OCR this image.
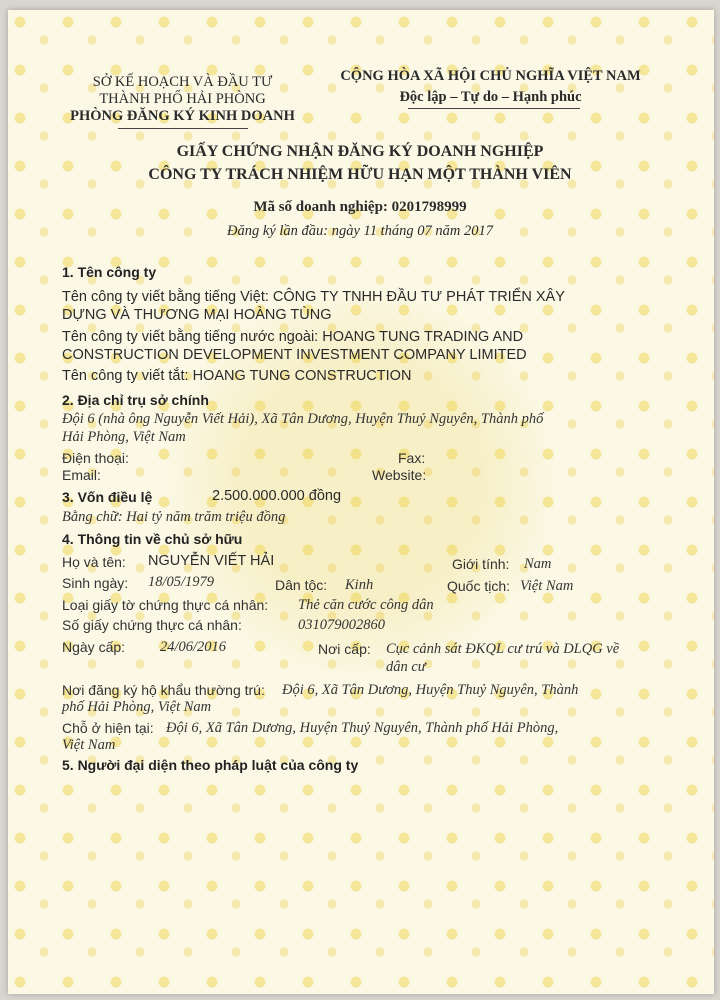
SỞ KẾ HOẠCH VÀ ĐẦU TƯ
THÀNH PHỐ HẢI PHÒNG
PHÒNG ĐĂNG KÝ KINH DOANH
CỘNG HÒA XÃ HỘI CHỦ NGHĨA VIỆT NAM
Độc lập – Tự do – Hạnh phúc
GIẤY CHỨNG NHẬN ĐĂNG KÝ DOANH NGHIỆP
CÔNG TY TRÁCH NHIỆM HỮU HẠN MỘT THÀNH VIÊN
Mã số doanh nghiệp: 0201798999
Đăng ký lần đầu: ngày 11 tháng 07 năm 2017
1. Tên công ty
Tên công ty viết bằng tiếng Việt: CÔNG TY TNHH ĐẦU TƯ PHÁT TRIỂN XÂY
DỰNG VÀ THƯƠNG MẠI HOÀNG TÙNG
Tên công ty viết bằng tiếng nước ngoài: HOANG TUNG TRADING AND
CONSTRUCTION DEVELOPMENT INVESTMENT COMPANY LIMITED
Tên công ty viết tắt: HOANG TUNG CONSTRUCTION
2. Địa chỉ trụ sở chính
Đội 6 (nhà ông Nguyễn Viết Hải), Xã Tân Dương, Huyện Thuỷ Nguyên, Thành phố
Hải Phòng, Việt Nam
Điện thoại:	Fax:
Email:	Website:
3. Vốn điều lệ	2.500.000.000 đồng
Bằng chữ: Hai tỷ năm trăm triệu đồng
4. Thông tin về chủ sở hữu
Họ và tên: NGUYỄN VIẾT HẢI	Giới tính: Nam
Sinh ngày: 18/05/1979	Dân tộc: Kinh	Quốc tịch: Việt Nam
Loại giấy tờ chứng thực cá nhân: Thẻ căn cước công dân
Số giấy chứng thực cá nhân:	031079002860
Ngày cấp: 24/06/2016	Nơi cấp: Cục cảnh sát ĐKQL cư trú và DLQG về
dân cư
Nơi đăng ký hộ khẩu thường trú: Đội 6, Xã Tân Dương, Huyện Thuỷ Nguyên, Thành
phố Hải Phòng, Việt Nam
Chỗ ở hiện tại: Đội 6, Xã Tân Dương, Huyện Thuỷ Nguyên, Thành phố Hải Phòng,
Việt Nam
5. Người đại diện theo pháp luật của công ty
